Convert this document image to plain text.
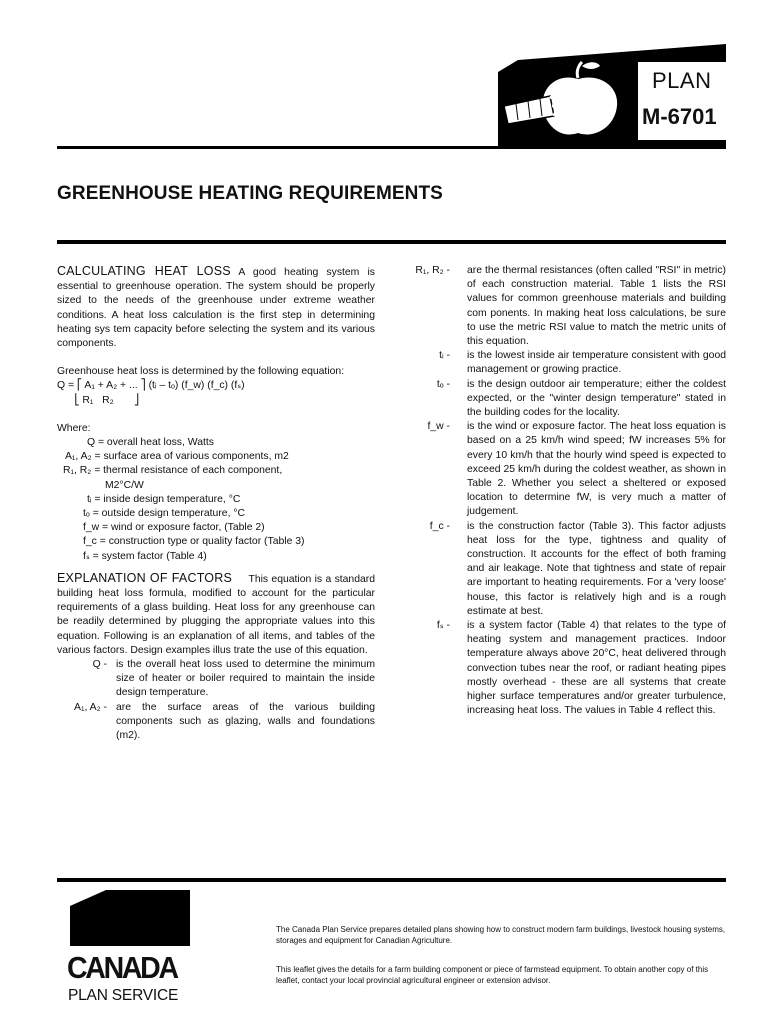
PLAN
M-6701
GREENHOUSE HEATING REQUIREMENTS

CALCULATING HEAT LOSS A good heating system is essential to greenhouse operation. The system should be properly sized to the needs of the greenhouse under extreme weather conditions. A heat loss calculation is the first step in determining heating sys tem capacity before selecting the system and its various components.

Greenhouse heat loss is determined by the following equation:

Q = ⎡ A₁ + A₂ + ... ⎤ (tᵢ – tₒ) (f_w) (f_c) (fₛ)
⎣ R₁   R₂       ⎦
Where:
Q = overall heat loss, Watts
A₁, A₂ = surface area of various components, m2
R₁, R₂ = thermal resistance of each component,
M2°C/W
tᵢ = inside design temperature, °C
tₒ = outside design temperature, °C
f_w = wind or exposure factor, (Table 2)
f_c = construction type or quality factor (Table 3)
fₛ = system factor (Table 4)

EXPLANATION OF FACTORS This equation is a standard building heat loss formula, modified to account for the particular requirements of a glass building. Heat loss for any greenhouse can be readily determined by plugging the appropriate values into this equation. Following is an explanation of all items, and tables of the various factors. Design examples illus trate the use of this equation.

Q - is the overall heat loss used to determine the minimum size of heater or boiler required to maintain the inside design temperature.
A₁, A₂ - are the surface areas of the various building components such as glazing, walls and foundations (m2).
R₁, R₂ -	are the thermal resistances (often called "RSI" in metric) of each construction material. Table 1 lists the RSI values for common greenhouse materials and building com ponents. In making heat loss calculations, be sure to use the metric RSI value to match the metric units of this equation.
tᵢ -	is the lowest inside air temperature consistent with good management or growing practice.
tₒ -	is the design outdoor air temperature; either the coldest expected, or the "winter design temperature" stated in the building codes for the locality.
f_w -	is the wind or exposure factor. The heat loss equation is based on a 25 km/h wind speed; fW increases 5% for every 10 km/h that the hourly wind speed is expected to exceed 25 km/h during the coldest weather, as shown in Table 2. Whether you select a sheltered or exposed location to determine fW, is very much a matter of judgement.
f_c -	is the construction factor (Table 3). This factor adjusts heat loss for the type, tightness and quality of construction. It accounts for the effect of both framing and air leakage. Note that tightness and state of repair are important to heating requirements. For a 'very loose' house, this factor is relatively high and is a rough estimate at best.
fₛ -	is a system factor (Table 4) that relates to the type of heating system and management practices. Indoor temperature always above 20°C, heat delivered through convection tubes near the roof, or radiant heating pipes mostly overhead - these are all systems that create higher surface temperatures and/or greater turbulence, increasing heat loss. The values in Table 4 reflect this.
CANADA
PLAN SERVICE

The Canada Plan Service prepares detailed plans showing how to construct modern farm buildings, livestock housing systems, storages and equipment for Canadian Agriculture.

This leaflet gives the details for a farm building component or piece of farmstead equipment. To obtain another copy of this leaflet, contact your local provincial agricultural engineer or extension advisor.
